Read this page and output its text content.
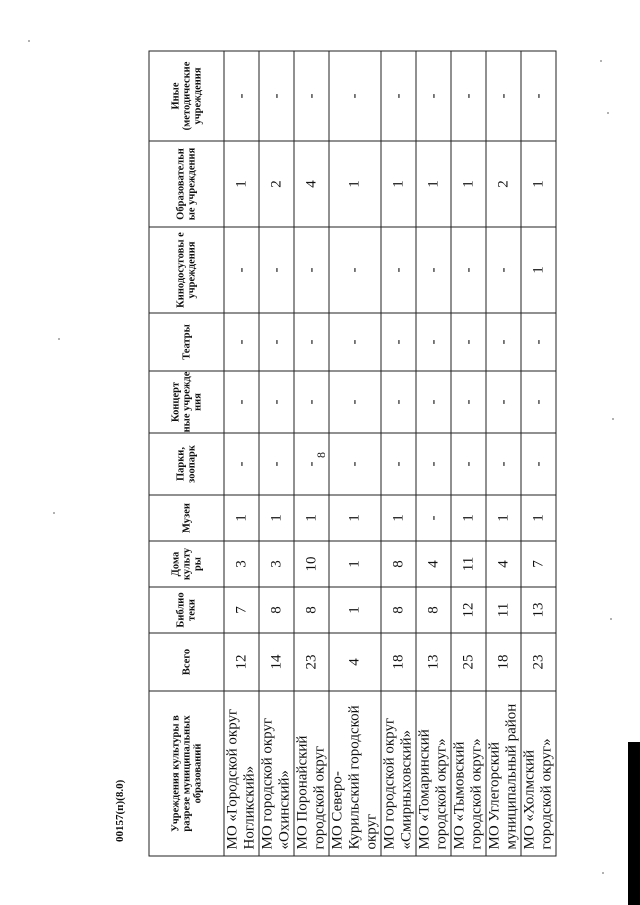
8
Учреждения культуры в разрезе муниципальных образований	Всего	Библио теки	Дома культу ры	Музеи	Парки, зоопарк	Концерт ные учрежде ния	Театры	Кинодосуговы е учреждения	Образовательн ые учреждения	Иные (методические учреждения
МО «Городской округ Ногликский»	12	7	3	1	-	-	-	-	1	-
МО городской округ «Охинский»	14	8	3	1	-	-	-	-	2	-
МО Поронайский городской округ	23	8	10	1	-	-	-	-	4	-
МО Северо-Курильский городской округ	4	1	1	1	-	-	-	-	1	-
МО городской округ «Смирныховский»	18	8	8	1	-	-	-	-	1	-
МО «Томаринский городской округ»	13	8	4	-	-	-	-	-	1	-
МО «Тымовский городской округ»	25	12	11	1	-	-	-	-	1	-
МО Углегорский муниципальный район	18	11	4	1	-	-	-	-	2	-
МО «Холмский городской округ»	23	13	7	1	-	-	-	1	1	-
00157(п)(8.0)
